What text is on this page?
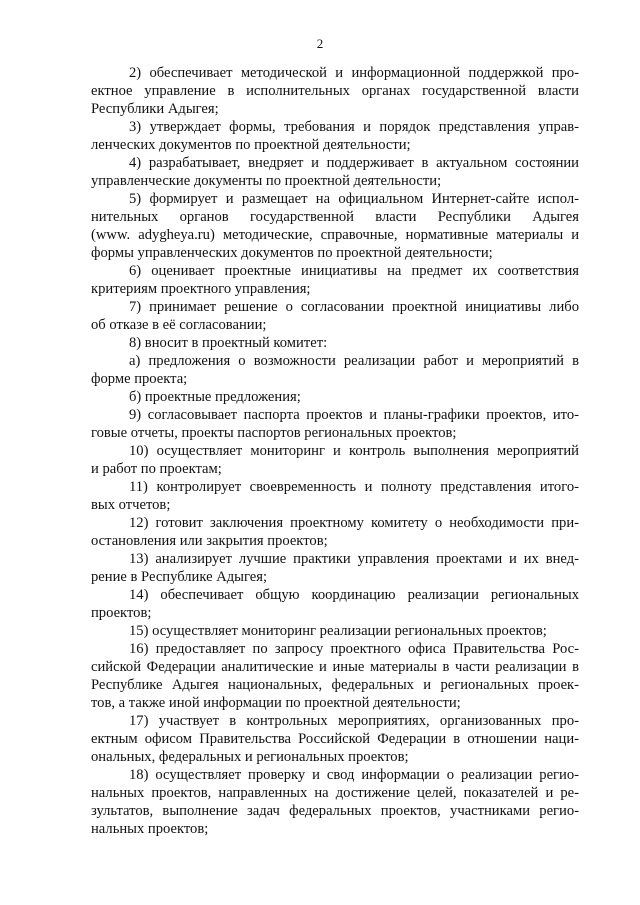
2
2) обеспечивает методической и информационной поддержкой про-
ектное управление в исполнительных органах государственной власти
Республики Адыгея;
3) утверждает формы, требования и порядок представления управ-
ленческих документов по проектной деятельности;
4) разрабатывает, внедряет и поддерживает в актуальном состоянии
управленческие документы по проектной деятельности;
5) формирует и размещает на официальном Интернет-сайте испол-
нительных органов государственной власти Республики Адыгея
(www. adygheya.ru) методические, справочные, нормативные материалы и
формы управленческих документов по проектной деятельности;
6) оценивает проектные инициативы на предмет их соответствия
критериям проектного управления;
7) принимает решение о согласовании проектной инициативы либо
об отказе в её согласовании;
8) вносит в проектный комитет:
а) предложения о возможности реализации работ и мероприятий в
форме проекта;
б) проектные предложения;
9) согласовывает паспорта проектов и планы-графики проектов, ито-
говые отчеты, проекты паспортов региональных проектов;
10) осуществляет мониторинг и контроль выполнения мероприятий
и работ по проектам;
11) контролирует своевременность и полноту представления итого-
вых отчетов;
12) готовит заключения проектному комитету о необходимости при-
остановления или закрытия проектов;
13) анализирует лучшие практики управления проектами и их внед-
рение в Республике Адыгея;
14) обеспечивает общую координацию реализации региональных
проектов;
15) осуществляет мониторинг реализации региональных проектов;
16) предоставляет по запросу проектного офиса Правительства Рос-
сийской Федерации аналитические и иные материалы в части реализации в
Республике Адыгея национальных, федеральных и региональных проек-
тов, а также иной информации по проектной деятельности;
17) участвует в контрольных мероприятиях, организованных про-
ектным офисом Правительства Российской Федерации в отношении наци-
ональных, федеральных и региональных проектов;
18) осуществляет проверку и свод информации о реализации регио-
нальных проектов, направленных на достижение целей, показателей и ре-
зультатов, выполнение задач федеральных проектов, участниками регио-
нальных проектов;
